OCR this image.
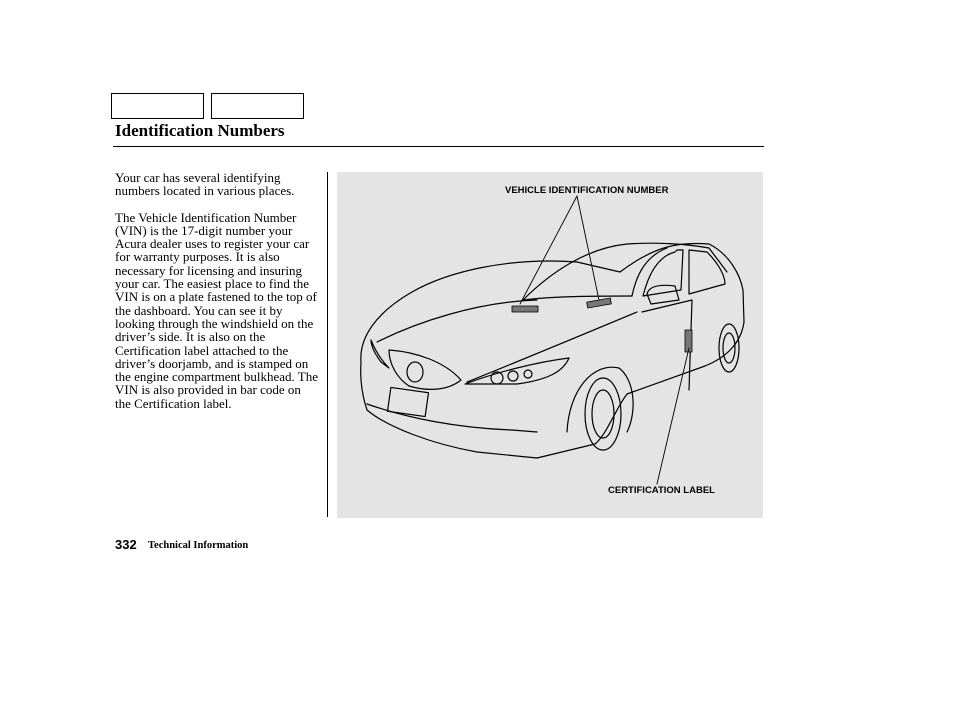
Identification Numbers

Your car has several identifying numbers located in various places.

The Vehicle Identification Number (VIN) is the 17-digit number your Acura dealer uses to register your car for warranty purposes. It is also necessary for licensing and insuring your car. The easiest place to find the VIN is on a plate fastened to the top of the dashboard. You can see it by looking through the windshield on the driver’s side. It is also on the Certification label attached to the driver’s doorjamb, and is stamped on the engine compartment bulkhead. The VIN is also provided in bar code on the Certification label.

VEHICLE IDENTIFICATION NUMBER
CERTIFICATION LABEL
332 Technical Information
